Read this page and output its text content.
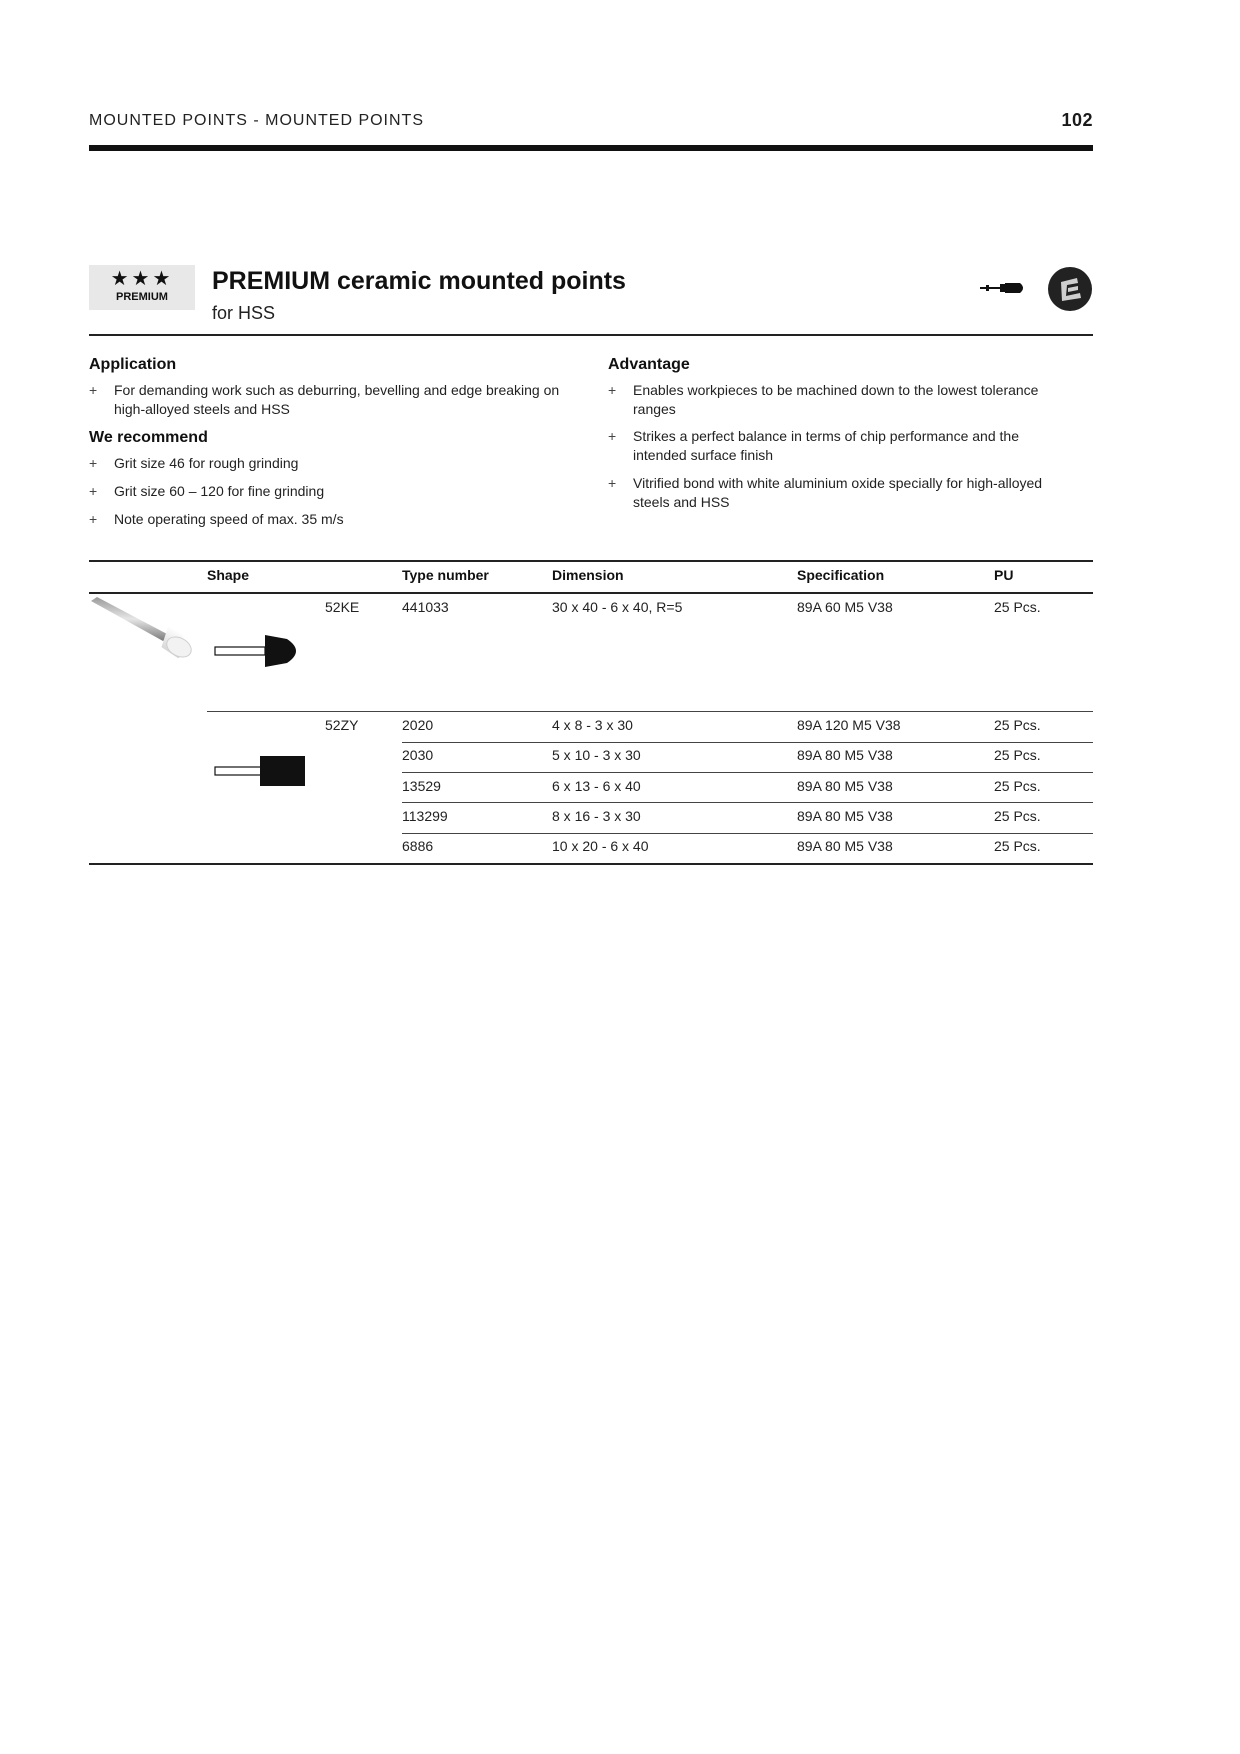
MOUNTED POINTS - MOUNTED POINTS	102
★★★
PREMIUM
PREMIUM ceramic mounted points
for HSS
Application
+	For demanding work such as deburring, bevelling and edge breaking on
high-alloyed steels and HSS
We recommend
+	Grit size 46 for rough grinding
+	Grit size 60 – 120 for fine grinding
+	Note operating speed of max. 35 m/s
Advantage
+	Enables workpieces to be machined down to the lowest tolerance
ranges
+	Strikes a perfect balance in terms of chip performance and the
intended surface finish
+	Vitrified bond with white aluminium oxide specially for high-alloyed
steels and HSS
Shape	Type number	Dimension	Specification	PU
52KE	441033	30 x 40 - 6 x 40, R=5	89A 60 M5 V38	25 Pcs.
52ZY	2020	4 x 8 - 3 x 30	89A 120 M5 V38	25 Pcs.
2030	5 x 10 - 3 x 30	89A 80 M5 V38	25 Pcs.
13529	6 x 13 - 6 x 40	89A 80 M5 V38	25 Pcs.
113299	8 x 16 - 3 x 30	89A 80 M5 V38	25 Pcs.
6886	10 x 20 - 6 x 40	89A 80 M5 V38	25 Pcs.
